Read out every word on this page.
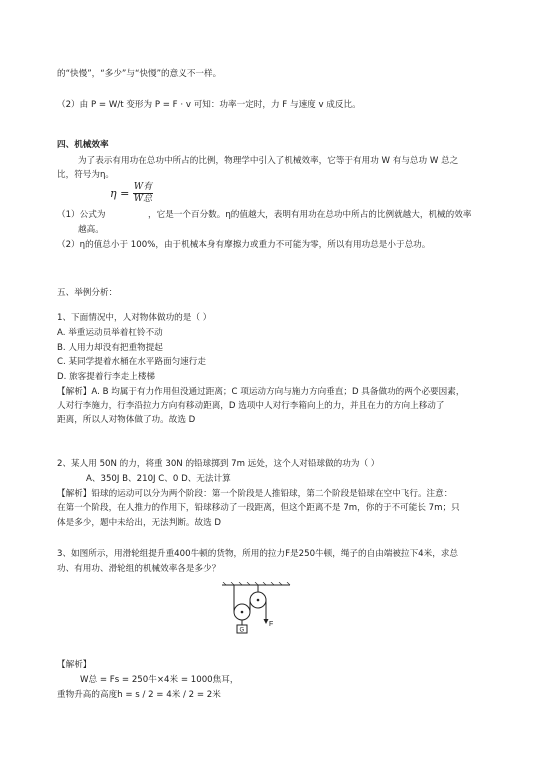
的“快慢”，“多少”与“快慢”的意义不一样。
（2）由 P = W/t 变形为 P = F · v 可知：功率一定时，力 F 与速度 v 成反比。
四、机械效率
为了表示有用功在总功中所占的比例，物理学中引入了机械效率，它等于有用功 W 有与总功 W 总之
比，符号为η。
$\eta = \frac{\text{W有}}{\text{W总}}$
（1）公式为	，它是一个百分数。η的值越大，表明有用功在总功中所占的比例就越大，机械的效率
越高。
（2）η的值总小于 100%，由于机械本身有摩擦力或重力不可能为零，所以有用功总是小于总功。
五、举例分析：
1、下面情况中，人对物体做功的是（ ）
A. 举重运动员举着杠铃不动
B. 人用力却没有把重物提起
C. 某同学提着水桶在水平路面匀速行走
D. 旅客提着行李走上楼梯
【解析】A. B 均属于有力作用但没通过距离；C 项运动方向与施力方向垂直；D 具备做功的两个必要因素，
人对行李施力，行李沿拉力方向有移动距离，D 选项中人对行李箱向上的力，并且在力的方向上移动了
距离，所以人对物体做了功。故选 D
2、某人用 50N 的力，将重 30N 的铅球掷到 7m 远处，这个人对铅球做的功为（ ）
A、350J B、210J C、0 D、无法计算
【解析】铅球的运动可以分为两个阶段：第一个阶段是人推铅球，第二个阶段是铅球在空中飞行。注意：
在第一个阶段，在人推力的作用下，铅球移动了一段距离，但这个距离不是 7m，你的于不可能长 7m；只
体是多少，题中未给出，无法判断。故选 D
3、如图所示，用滑轮组提升重400牛顿的货物，所用的拉力F是250牛顿，绳子的自由端被拉下4米，求总
功、有用功、滑轮组的机械效率各是多少？
F
G
【解析】
W总 = Fs = 250牛×4米 = 1000焦耳，
重物升高的高度h = s / 2 = 4米 / 2 = 2米
